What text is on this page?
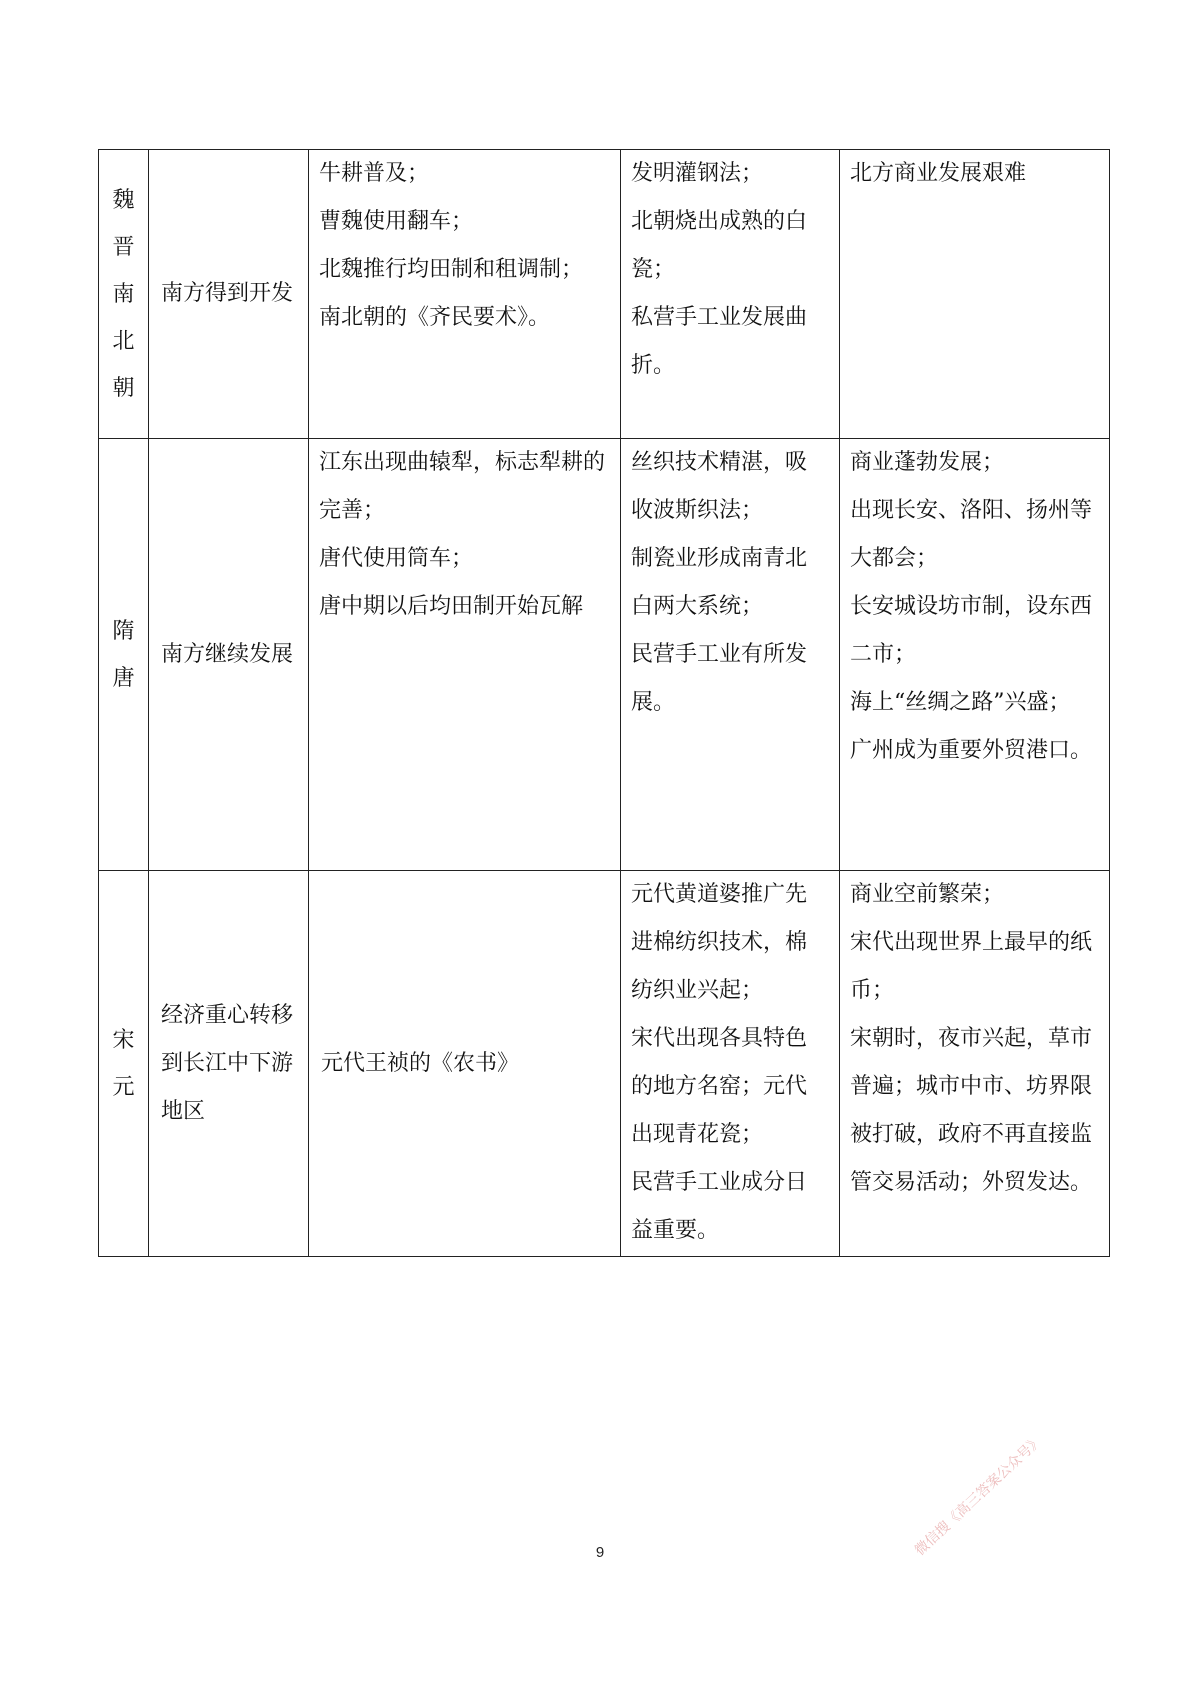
魏晋南北朝	南方得到开发	牛耕普及；
曹魏使用翻车；
北魏推行均田制和租调制；
南北朝的《齐民要术》。	发明灌钢法；
北朝烧出成熟的白瓷；
私营手工业发展曲折。	北方商业发展艰难

隋唐	南方继续发展	江东出现曲辕犁，标志犁耕的完善；
唐代使用筒车；
唐中期以后均田制开始瓦解	丝织技术精湛，吸收波斯织法；
制瓷业形成南青北白两大系统；
民营手工业有所发展。	商业蓬勃发展；
出现长安、洛阳、扬州等大都会；
长安城设坊市制，设东西二市；
海上“丝绸之路”兴盛；
广州成为重要外贸港口。

宋元	经济重心转移到长江中下游地区	元代王祯的《农书》	元代黄道婆推广先进棉纺织技术，棉纺织业兴起；
宋代出现各具特色的地方名窑；元代出现青花瓷；
民营手工业成分日益重要。	商业空前繁荣；
宋代出现世界上最早的纸币；
宋朝时，夜市兴起，草市普遍；城市中市、坊界限被打破，政府不再直接监管交易活动；外贸发达。
9	微信搜《高三答案公众号》
